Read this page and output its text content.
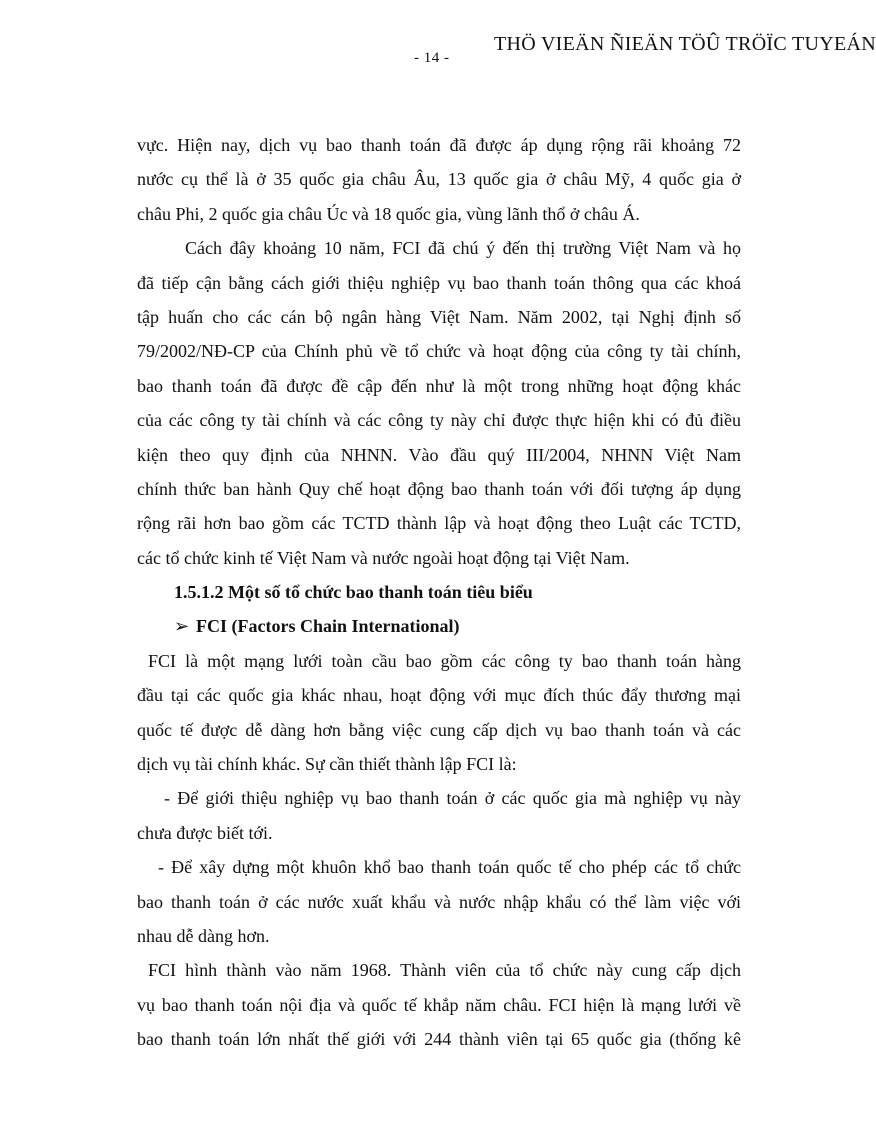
- 14 -
THÖ VIEÄN ÑIEÄN TÖÛ TRÖÏC TUYEÁN
vực. Hiện nay, dịch vụ bao thanh toán đã được áp dụng rộng rãi khoảng 72
nước cụ thể là ở 35 quốc gia châu Âu, 13 quốc gia ở châu Mỹ, 4 quốc gia ở
châu Phi, 2 quốc gia châu Úc và 18 quốc gia, vùng lãnh thổ ở châu Á.
Cách đây khoảng 10 năm, FCI đã chú ý đến thị trường Việt Nam và họ
đã tiếp cận bằng cách giới thiệu nghiệp vụ bao thanh toán thông qua các khoá
tập huấn cho các cán bộ ngân hàng Việt Nam. Năm 2002, tại Nghị định số
79/2002/NĐ-CP của Chính phủ về tổ chức và hoạt động của công ty tài chính,
bao thanh toán đã được đề cập đến như là một trong những hoạt động khác
của các công ty tài chính và các công ty này chỉ được thực hiện khi có đủ điều
kiện theo quy định của NHNN. Vào đầu quý III/2004, NHNN Việt Nam
chính thức ban hành Quy chế hoạt động bao thanh toán với đối tượng áp dụng
rộng rãi hơn bao gồm các TCTD thành lập và hoạt động theo Luật các TCTD,
các tổ chức kinh tế Việt Nam và nước ngoài hoạt động tại Việt Nam.
1.5.1.2 Một số tổ chức bao thanh toán tiêu biểu
➢ FCI (Factors Chain International)
FCI là một mạng lưới toàn cầu bao gồm các công ty bao thanh toán hàng
đầu tại các quốc gia khác nhau, hoạt động với mục đích thúc đẩy thương mại
quốc tế được dễ dàng hơn bằng việc cung cấp dịch vụ bao thanh toán và các
dịch vụ tài chính khác. Sự cần thiết thành lập FCI là:
- Để giới thiệu nghiệp vụ bao thanh toán ở các quốc gia mà nghiệp vụ này
chưa được biết tới.
- Để xây dựng một khuôn khổ bao thanh toán quốc tế cho phép các tổ chức
bao thanh toán ở các nước xuất khẩu và nước nhập khẩu có thể làm việc với
nhau dễ dàng hơn.
FCI hình thành vào năm 1968. Thành viên của tổ chức này cung cấp dịch
vụ bao thanh toán nội địa và quốc tế khắp năm châu. FCI hiện là mạng lưới về
bao thanh toán lớn nhất thế giới với 244 thành viên tại 65 quốc gia (thống kê
